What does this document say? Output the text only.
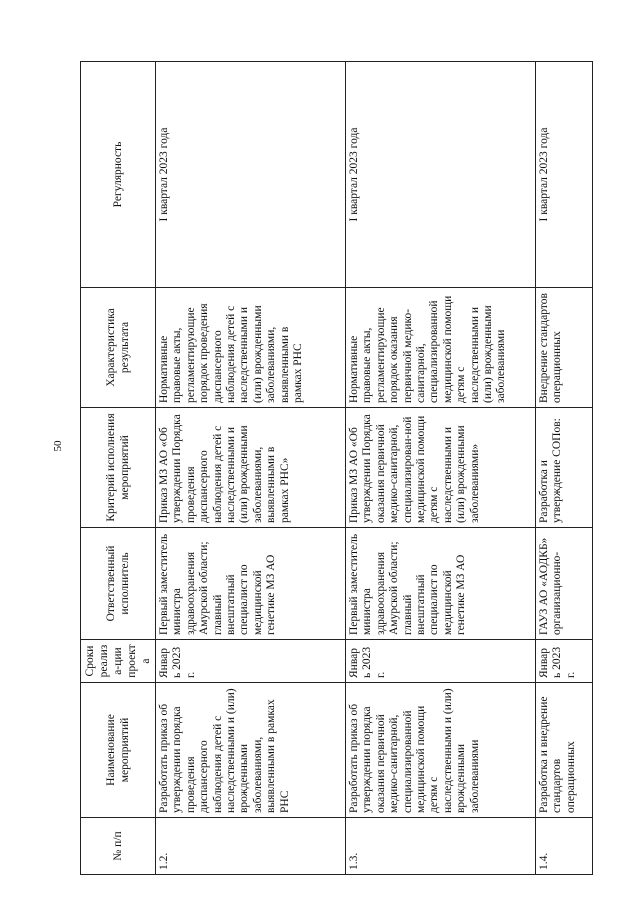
50
№ п/п	Наименование мероприятий	Сроки реализа-ции проекта	Ответственный исполнитель	Критерий исполнения мероприятий	Характеристика результата	Регулярность
1.2.	Разработать приказ об утверждении порядка проведения диспансерного наблюдения детей с наследственными и (или) врожденными заболеваниями, выявленными в рамках РНС	Январь 2023 г.	Первый заместитель министра здравоохранения Амурской области; главный внештатный специалист по медицинской генетике МЗ АО	Приказ МЗ АО «Об утверждении Порядка проведения диспансерного наблюдения детей с наследственными и (или) врожденными заболеваниями, выявленными в рамках РНС»	Нормативные правовые акты, регламентирующие порядок проведения диспансерного наблюдения детей с наследственными и (или) врожденными заболеваниями, выявленными в рамках РНС	I квартал 2023 года
1.3.	Разработать приказ об утверждении порядка оказания первичной медико-санитарной, специализированной медицинской помощи детям с наследственными и (или) врожденными заболеваниями	Январь 2023 г.	Первый заместитель министра здравоохранения Амурской области; главный внештатный специалист по медицинской генетике МЗ АО	Приказ МЗ АО «Об утверждении Порядка оказания первичной медико-санитарной, специализирован-ной медицинской помощи детям с наследственными и (или) врожденными заболеваниями»	Нормативные правовые акты, регламентирующие порядок оказания первичной медико-санитарной, специализированной медицинской помощи детям с наследственными и (или) врожденными заболеваниями	I квартал 2023 года
1.4.	Разработка и внедрение стандартов операционных	Январь 2023 г.	ГАУЗ АО «АОДКБ» организационно-	Разработка и утверждение СОПов:	Внедрение стандартов операционных	I квартал 2023 года
